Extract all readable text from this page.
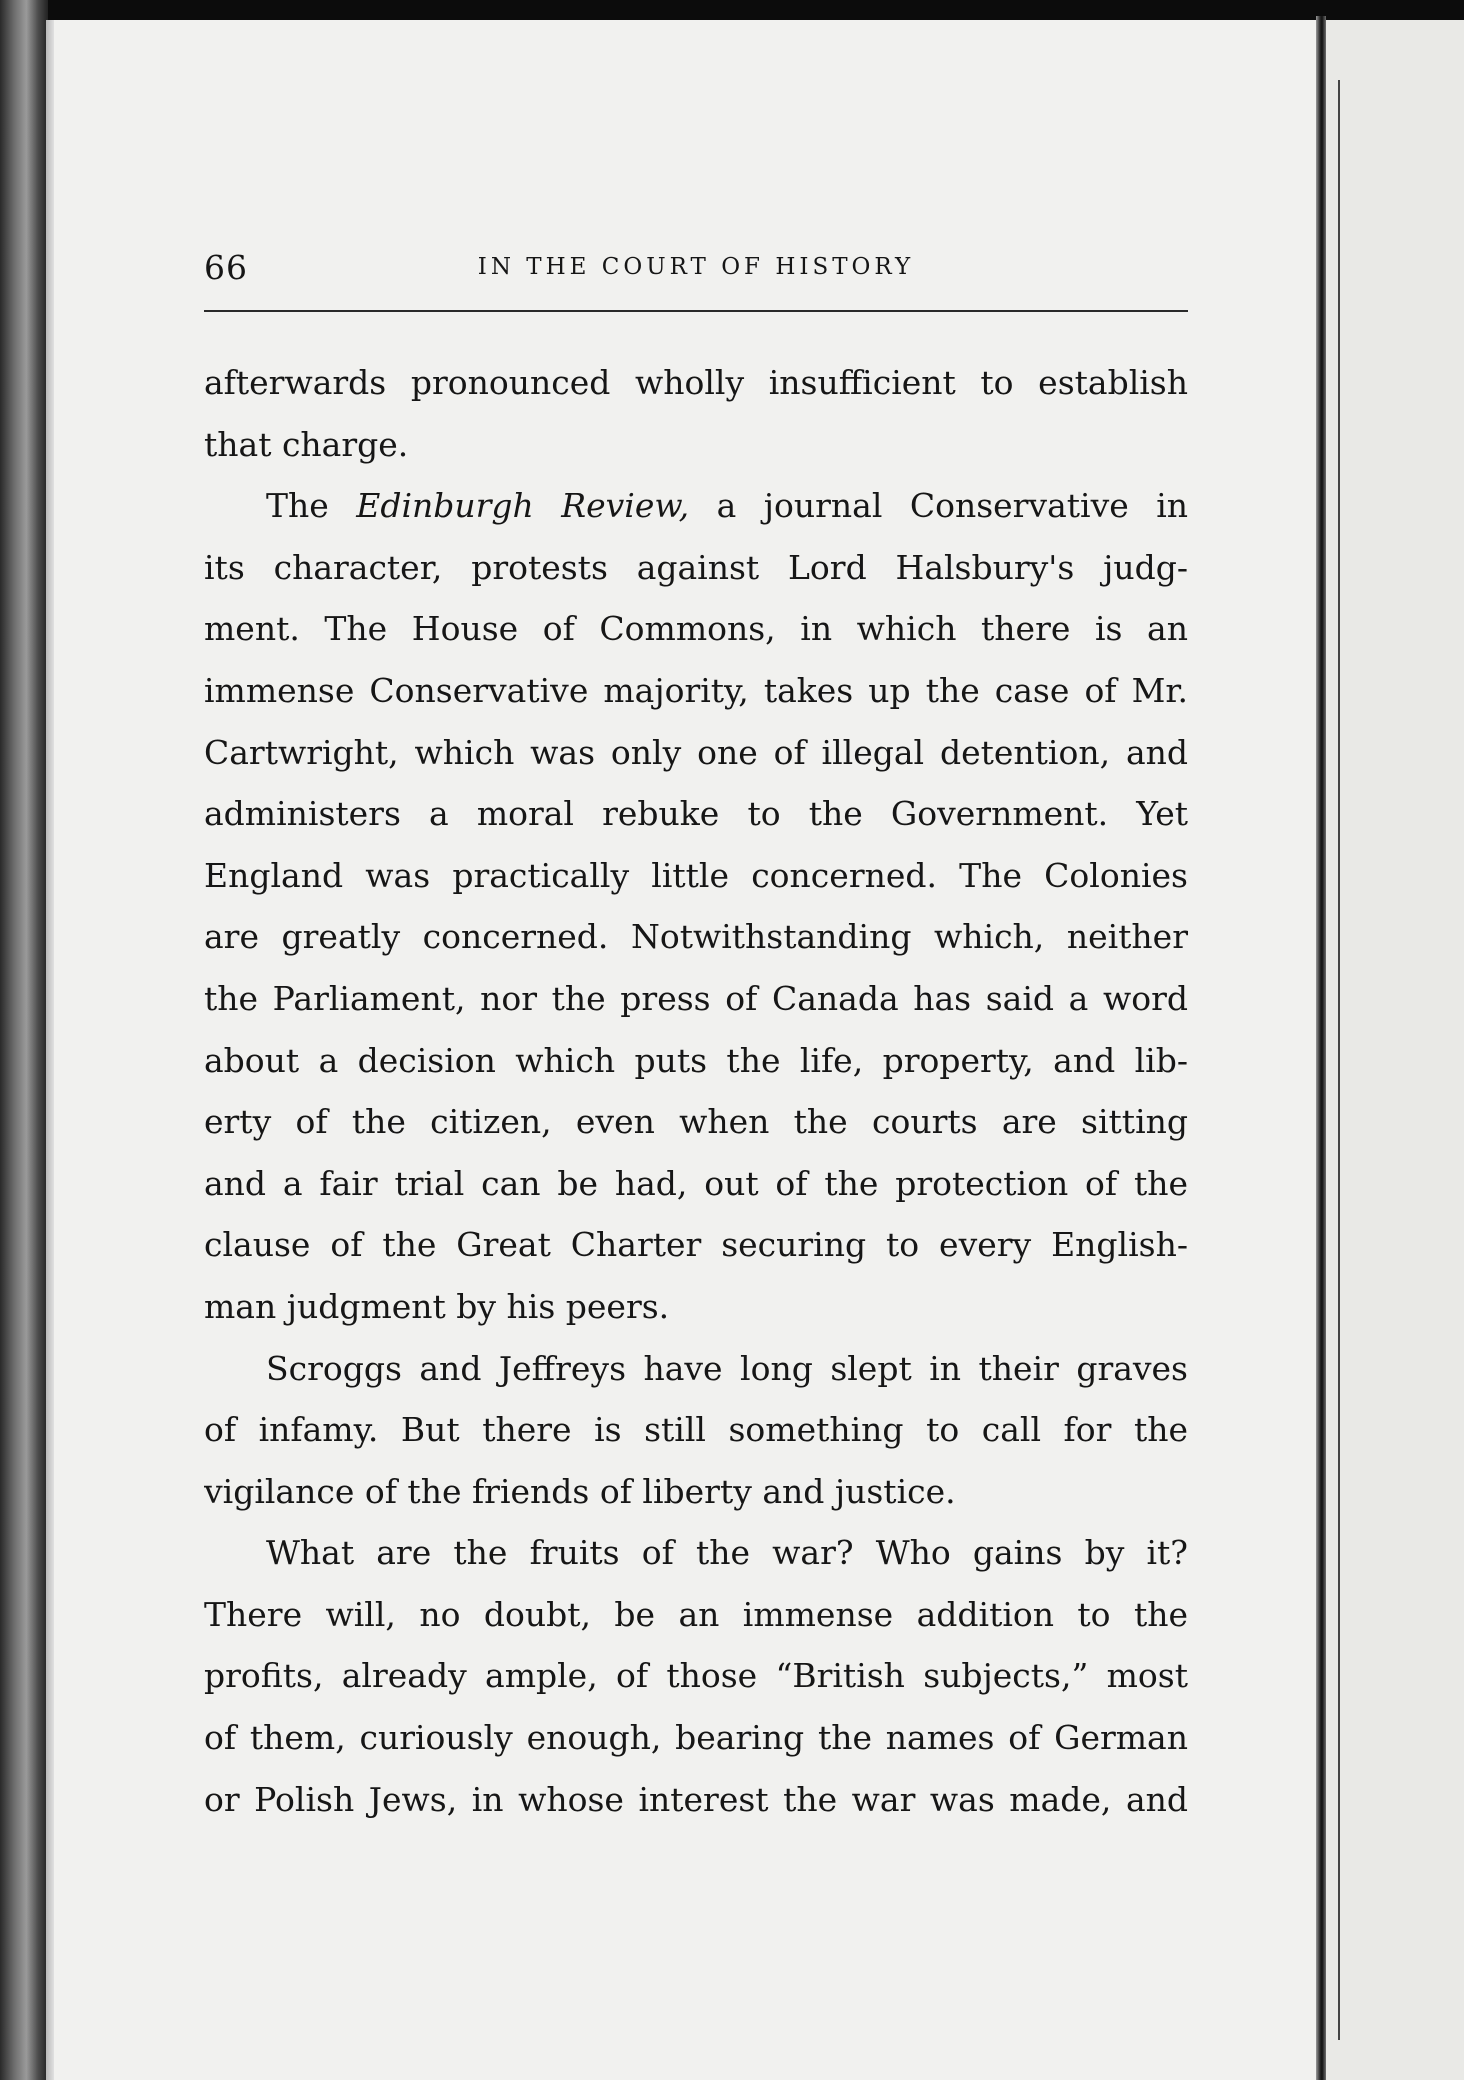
66	IN THE COURT OF HISTORY
afterwards pronounced wholly insufficient to establish
that charge.
The Edinburgh Review, a journal Conservative in
its character, protests against Lord Halsbury's judg-
ment. The House of Commons, in which there is an
immense Conservative majority, takes up the case of Mr.
Cartwright, which was only one of illegal detention, and
administers a moral rebuke to the Government. Yet
England was practically little concerned. The Colonies
are greatly concerned. Notwithstanding which, neither
the Parliament, nor the press of Canada has said a word
about a decision which puts the life, property, and lib-
erty of the citizen, even when the courts are sitting
and a fair trial can be had, out of the protection of the
clause of the Great Charter securing to every English-
man judgment by his peers.
Scroggs and Jeffreys have long slept in their graves
of infamy. But there is still something to call for the
vigilance of the friends of liberty and justice.
What are the fruits of the war? Who gains by it?
There will, no doubt, be an immense addition to the
profits, already ample, of those “British subjects,” most
of them, curiously enough, bearing the names of German
or Polish Jews, in whose interest the war was made, and
